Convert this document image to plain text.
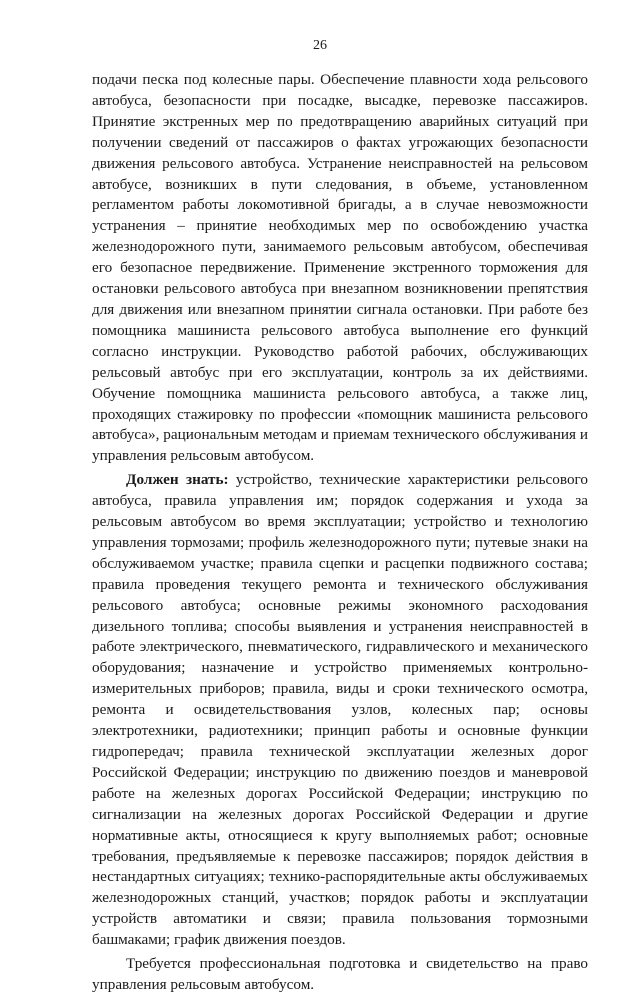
26

подачи песка под колесные пары. Обеспечение плавности хода рельсового автобуса, безопасности при посадке, высадке, перевозке пассажиров. Принятие экстренных мер по предотвращению аварийных ситуаций при получении сведений от пассажиров о фактах угрожающих безопасности движения рельсового автобуса. Устранение неисправностей на рельсовом автобусе, возникших в пути следования, в объеме, установленном регламентом работы локомотивной бригады, а в случае невозможности устранения – принятие необходимых мер по освобождению участка железнодорожного пути, занимаемого рельсовым автобусом, обеспечивая его безопасное передвижение. Применение экстренного торможения для остановки рельсового автобуса при внезапном возникновении препятствия для движения или внезапном принятии сигнала остановки. При работе без помощника машиниста рельсового автобуса выполнение его функций согласно инструкции. Руководство работой рабочих, обслуживающих рельсовый автобус при его эксплуатации, контроль за их действиями. Обучение помощника машиниста рельсового автобуса, а также лиц, проходящих стажировку по профессии «помощник машиниста рельсового автобуса», рациональным методам и приемам технического обслуживания и управления рельсовым автобусом.

Должен знать: устройство, технические характеристики рельсового автобуса, правила управления им; порядок содержания и ухода за рельсовым автобусом во время эксплуатации; устройство и технологию управления тормозами; профиль железнодорожного пути; путевые знаки на обслуживаемом участке; правила сцепки и расцепки подвижного состава; правила проведения текущего ремонта и технического обслуживания рельсового автобуса; основные режимы экономного расходования дизельного топлива; способы выявления и устранения неисправностей в работе электрического, пневматического, гидравлического и механического оборудования; назначение и устройство применяемых контрольно-измерительных приборов; правила, виды и сроки технического осмотра, ремонта и освидетельствования узлов, колесных пар; основы электротехники, радиотехники; принцип работы и основные функции гидропередач; правила технической эксплуатации железных дорог Российской Федерации; инструкцию по движению поездов и маневровой работе на железных дорогах Российской Федерации; инструкцию по сигнализации на железных дорогах Российской Федерации и другие нормативные акты, относящиеся к кругу выполняемых работ; основные требования, предъявляемые к перевозке пассажиров; порядок действия в нестандартных ситуациях; технико-распорядительные акты обслуживаемых железнодорожных станций, участков; порядок работы и эксплуатации устройств автоматики и связи; правила пользования тормозными башмаками; график движения поездов.

Требуется профессиональная подготовка и свидетельство на право управления рельсовым автобусом.
